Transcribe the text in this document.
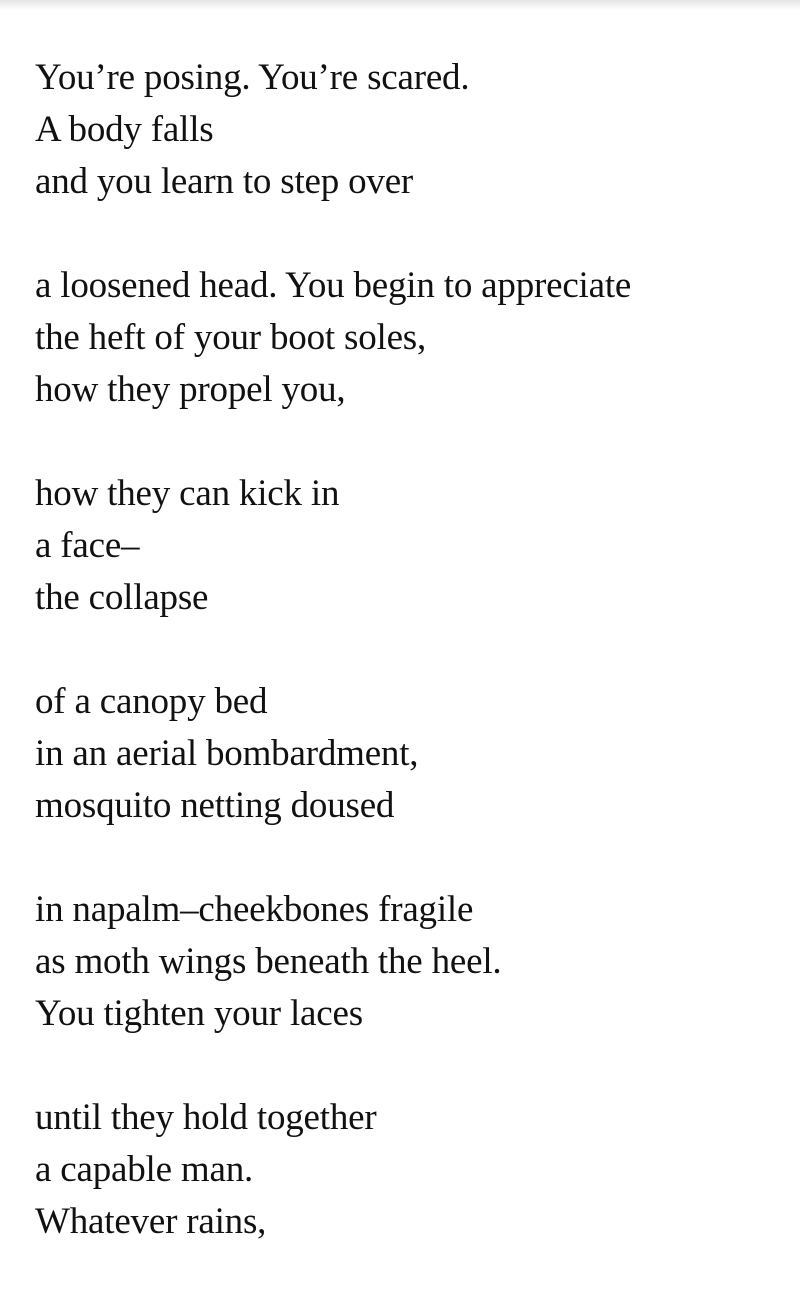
You’re posing. You’re scared.
A body falls
and you learn to step over
a loosened head. You begin to appreciate
the heft of your boot soles,
how they propel you,
how they can kick in
a face–
the collapse
of a canopy bed
in an aerial bombardment,
mosquito netting doused
in napalm–cheekbones fragile
as moth wings beneath the heel.
You tighten your laces
until they hold together
a capable man.
Whatever rains,
